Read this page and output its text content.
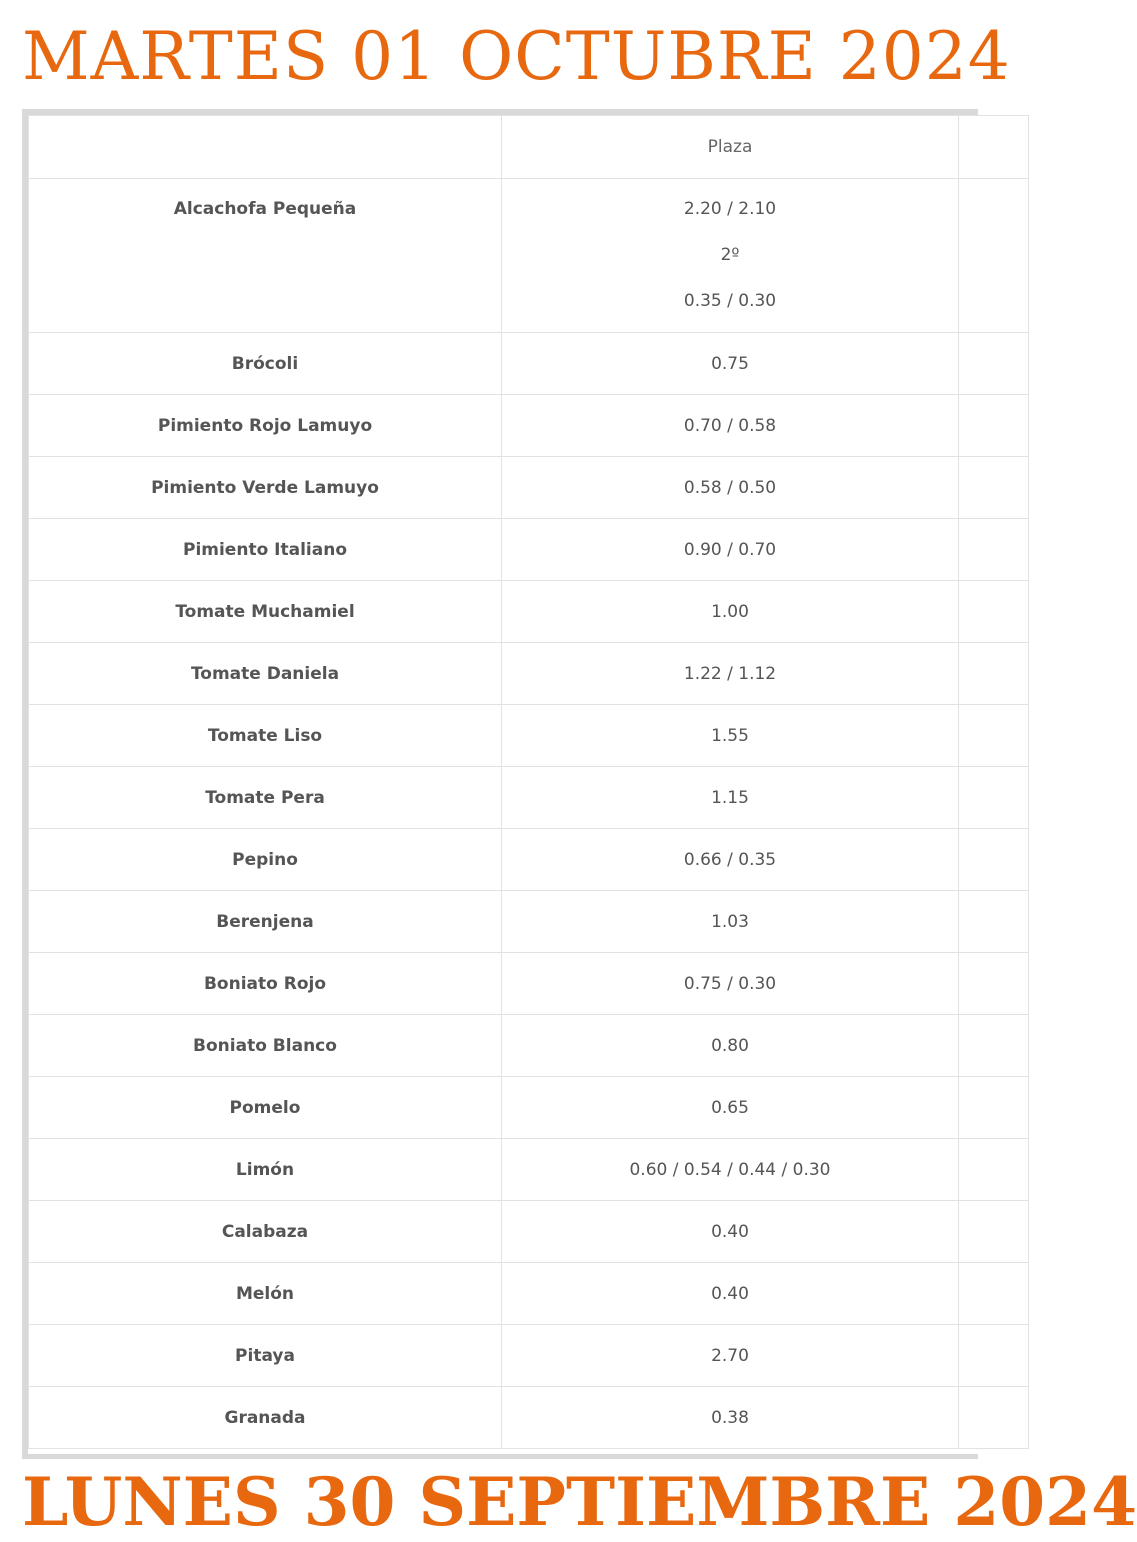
MARTES 01 OCTUBRE 2024
	Plaza	

Alcachofa Pequeña	2.20 / 2.10
2º
0.35 / 0.30	

Brócoli	0.75	
Pimiento Rojo Lamuyo	0.70 / 0.58	
Pimiento Verde Lamuyo	0.58 / 0.50	
Pimiento Italiano	0.90 / 0.70	
Tomate Muchamiel	1.00	
Tomate Daniela	1.22 / 1.12	
Tomate Liso	1.55	
Tomate Pera	1.15	
Pepino	0.66 / 0.35	
Berenjena	1.03	
Boniato Rojo	0.75 / 0.30	
Boniato Blanco	0.80	
Pomelo	0.65	
Limón	0.60 / 0.54 / 0.44 / 0.30	
Calabaza	0.40	
Melón	0.40	
Pitaya	2.70	
Granada	0.38	
LUNES 30 SEPTIEMBRE 2024
